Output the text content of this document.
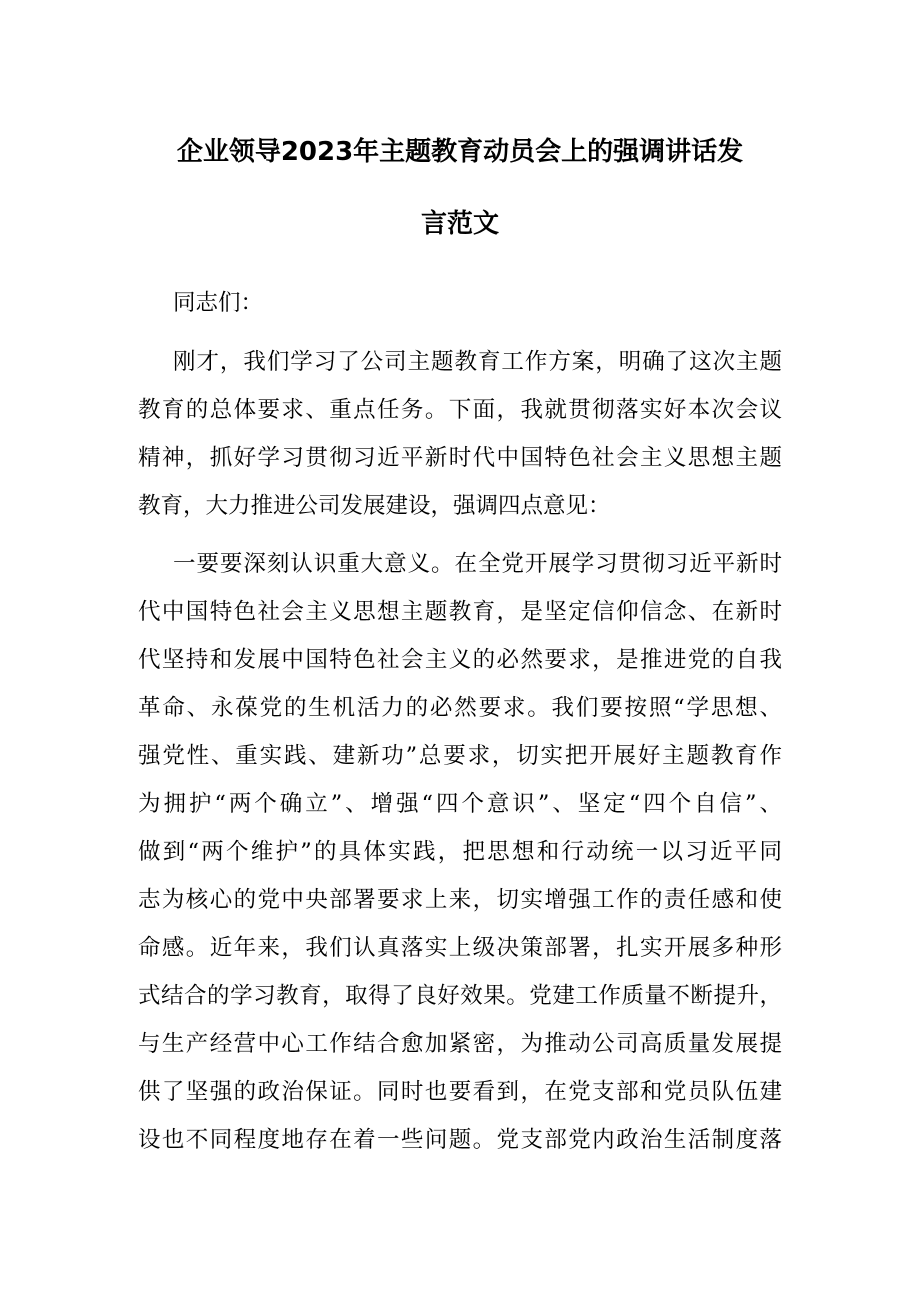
企业领导2023年主题教育动员会上的强调讲话发
言范文
同志们：
刚才，我们学习了公司主题教育工作方案，明确了这次主题
教育的总体要求、重点任务。下面，我就贯彻落实好本次会议
精神，抓好学习贯彻习近平新时代中国特色社会主义思想主题
教育，大力推进公司发展建设，强调四点意见：
一要要深刻认识重大意义。在全党开展学习贯彻习近平新时
代中国特色社会主义思想主题教育，是坚定信仰信念、在新时
代坚持和发展中国特色社会主义的必然要求，是推进党的自我
革命、永葆党的生机活力的必然要求。我们要按照“学思想、
强党性、重实践、建新功”总要求，切实把开展好主题教育作
为拥护“两个确立”、增强“四个意识”、坚定“四个自信”、
做到“两个维护”的具体实践，把思想和行动统一以习近平同
志为核心的党中央部署要求上来，切实增强工作的责任感和使
命感。近年来，我们认真落实上级决策部署，扎实开展多种形
式结合的学习教育，取得了良好效果。党建工作质量不断提升，
与生产经营中心工作结合愈加紧密，为推动公司高质量发展提
供了坚强的政治保证。同时也要看到，在党支部和党员队伍建
设也不同程度地存在着一些问题。党支部党内政治生活制度落
